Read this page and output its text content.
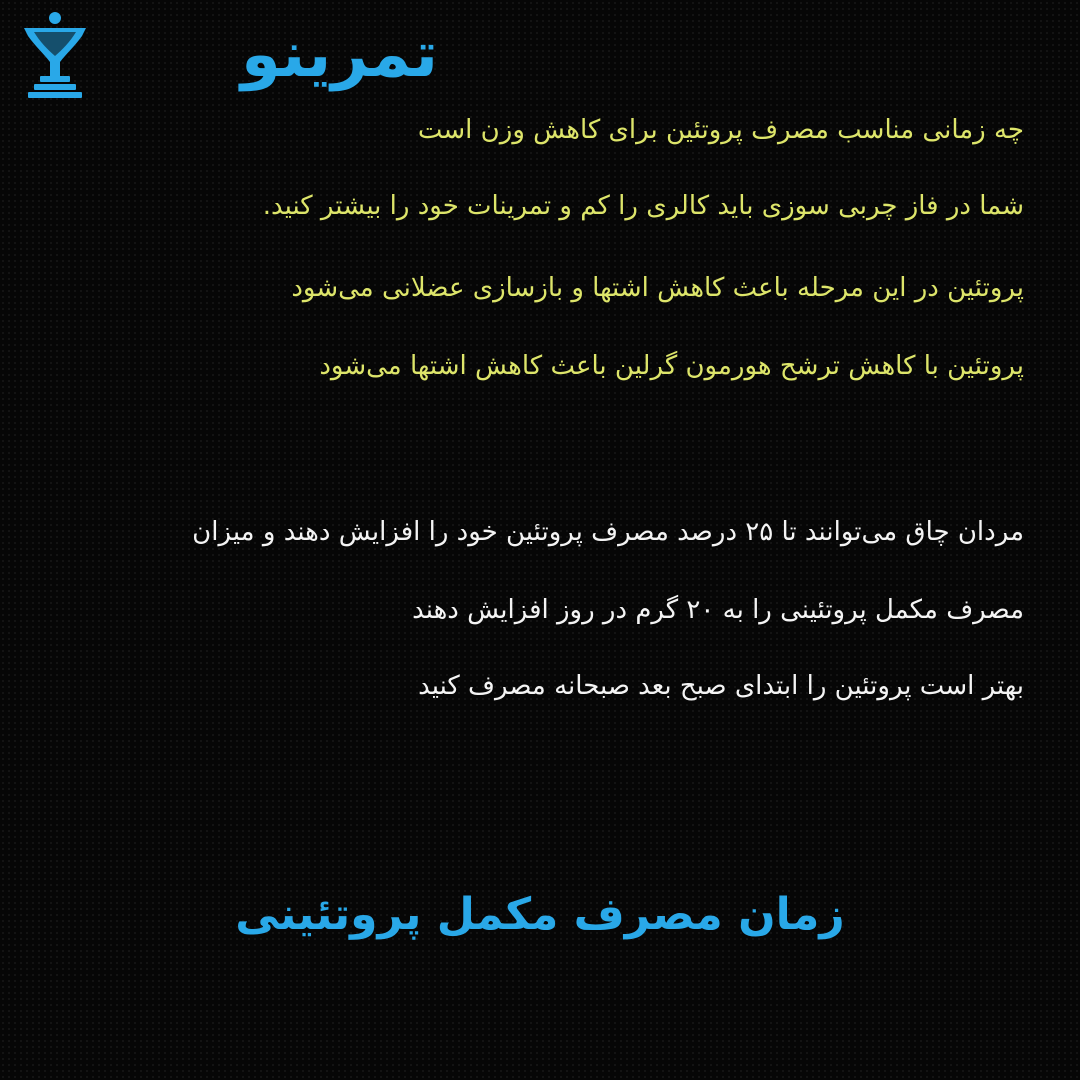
تمرینو
چه زمانی مناسب مصرف پروتئین برای کاهش وزن است
شما در فاز چربی سوزی باید کالری را کم و تمرینات خود را بیشتر کنید.
پروتئین در این مرحله باعث کاهش اشتها و بازسازی عضلانی می‌شود
پروتئین با کاهش ترشح هورمون گرلین باعث کاهش اشتها می‌شود
مردان چاق می‌توانند تا ۲۵ درصد مصرف پروتئین خود را افزایش دهند و میزان
مصرف مکمل پروتئینی را به ۲۰ گرم در روز افزایش دهند
بهتر است پروتئین را ابتدای صبح بعد صبحانه مصرف کنید
زمان مصرف مکمل پروتئینی
